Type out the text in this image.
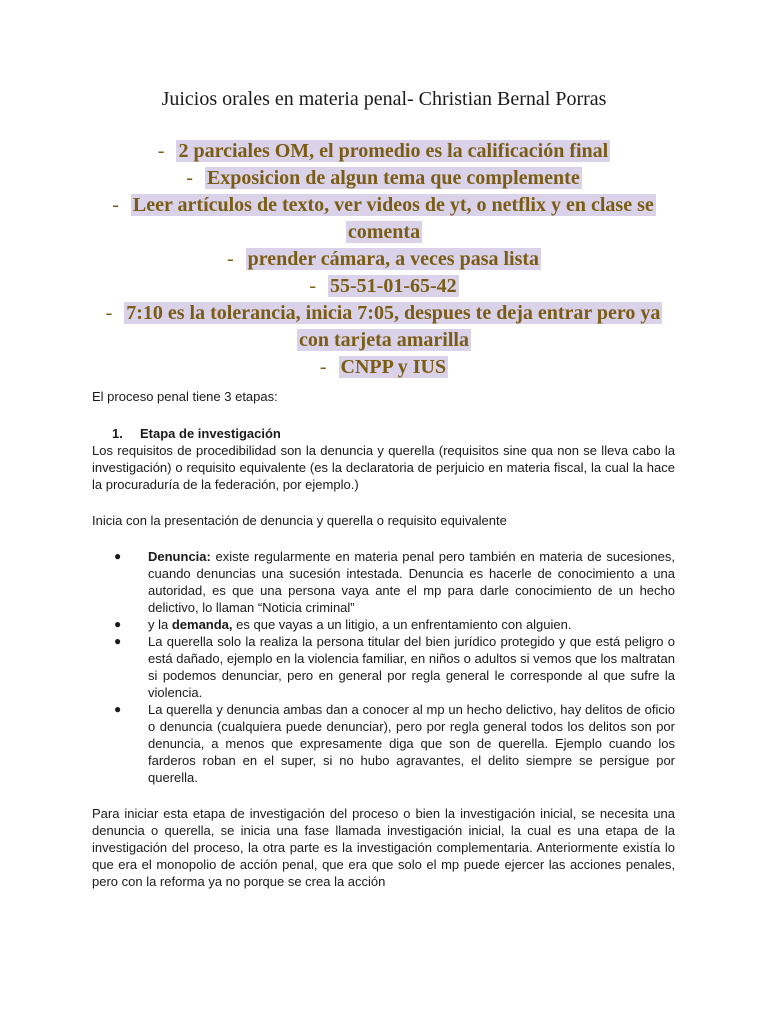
Juicios orales en materia penal- Christian Bernal Porras

- 2 parciales OM, el promedio es la calificación final

- Exposicion de algun tema que complemente

- Leer artículos de texto, ver videos de yt, o netflix y en clase se comenta

- prender cámara, a veces pasa lista

- 55-51-01-65-42

- 7:10 es la tolerancia, inicia 7:05, despues te deja entrar pero ya con tarjeta amarilla

- CNPP y IUS

El proceso penal tiene 3 etapas:

1. Etapa de investigación

Los requisitos de procedibilidad son la denuncia y querella (requisitos sine qua non se lleva cabo la investigación) o requisito equivalente (es la declaratoria de perjuicio en materia fiscal, la cual la hace la procuraduría de la federación, por ejemplo.)

Inicia con la presentación de denuncia y querella o requisito equivalente

● Denuncia: existe regularmente en materia penal pero también en materia de sucesiones, cuando denuncias una sucesión intestada. Denuncia es hacerle de conocimiento a una autoridad, es que una persona vaya ante el mp para darle conocimiento de un hecho delictivo, lo llaman “Noticia criminal”
● y la demanda, es que vayas a un litigio, a un enfrentamiento con alguien.
● La querella solo la realiza la persona titular del bien jurídico protegido y que está peligro o está dañado, ejemplo en la violencia familiar, en niños o adultos si vemos que los maltratan si podemos denunciar, pero en general por regla general le corresponde al que sufre la violencia.
● La querella y denuncia ambas dan a conocer al mp un hecho delictivo, hay delitos de oficio o denuncia (cualquiera puede denunciar), pero por regla general todos los delitos son por denuncia, a menos que expresamente diga que son de querella. Ejemplo cuando los farderos roban en el super, si no hubo agravantes, el delito siempre se persigue por querella.

Para iniciar esta etapa de investigación del proceso o bien la investigación inicial, se necesita una denuncia o querella, se inicia una fase llamada investigación inicial, la cual es una etapa de la investigación del proceso, la otra parte es la investigación complementaria. Anteriormente existía lo que era el monopolio de acción penal, que era que solo el mp puede ejercer las acciones penales, pero con la reforma ya no porque se crea la acción
